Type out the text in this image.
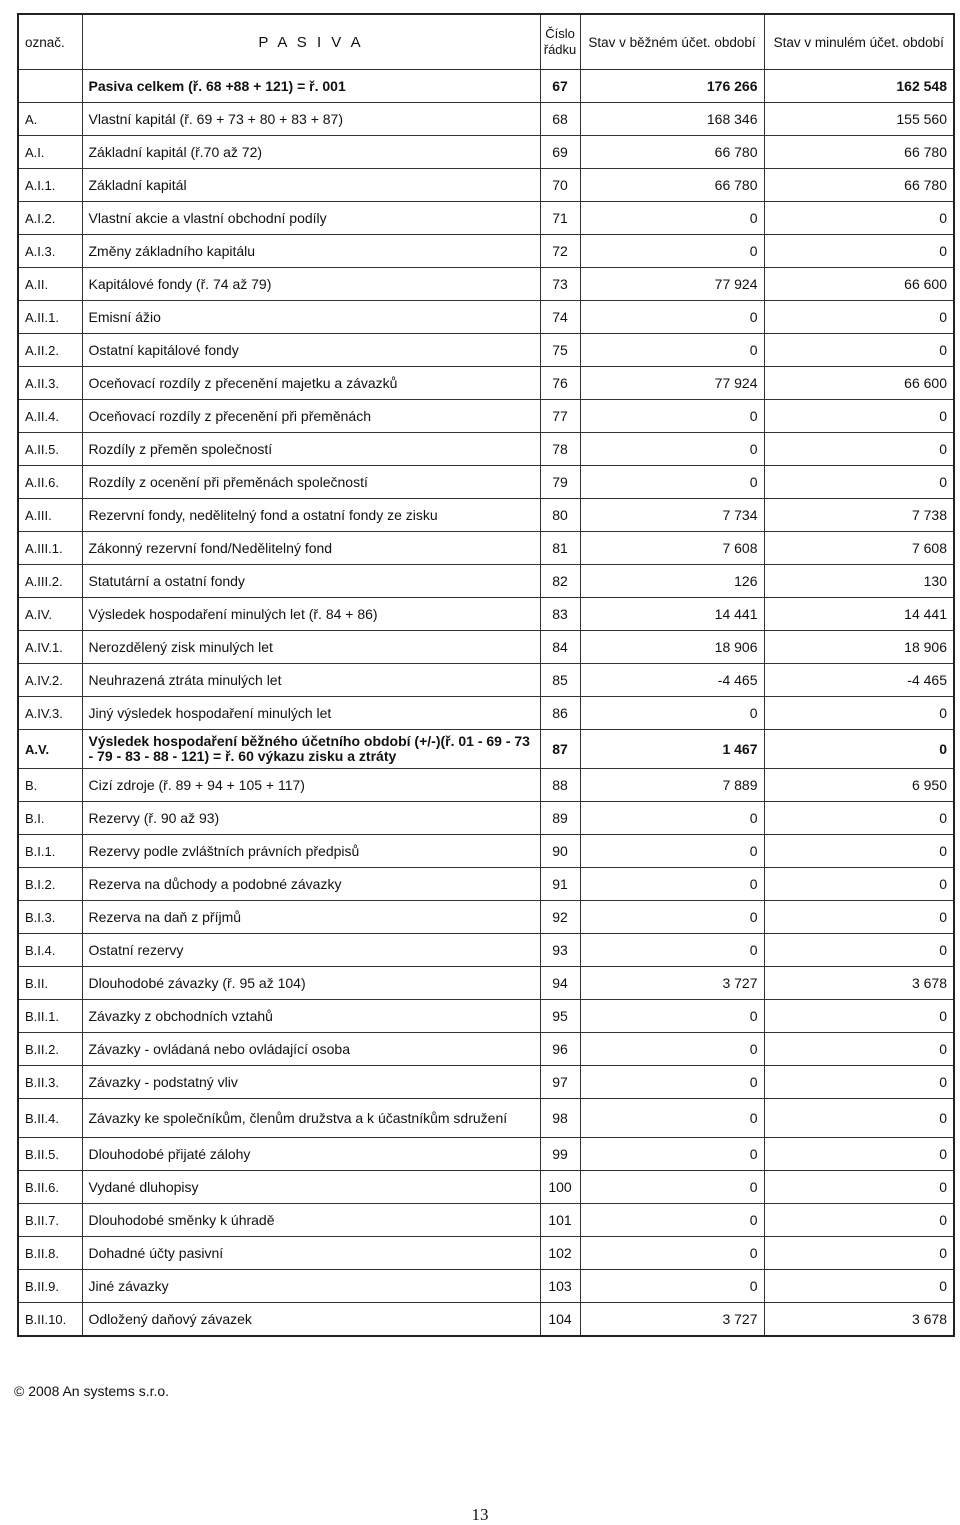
označ.	P A S I V A	Číslo řádku	Stav v běžném účet. období	Stav v minulém účet. období
	Pasiva celkem (ř. 68 +88 + 121) = ř. 001	67	176 266	162 548
A.	Vlastní kapitál (ř. 69 + 73 + 80 + 83 + 87)	68	168 346	155 560
A.I.	Základní kapitál (ř.70 až 72)	69	66 780	66 780
A.I.1.	Základní kapitál	70	66 780	66 780
A.I.2.	Vlastní akcie a vlastní obchodní podíly	71	0	0
A.I.3.	Změny základního kapitálu	72	0	0
A.II.	Kapitálové fondy (ř. 74 až 79)	73	77 924	66 600
A.II.1.	Emisní ážio	74	0	0
A.II.2.	Ostatní kapitálové fondy	75	0	0
A.II.3.	Oceňovací rozdíly z přecenění majetku a závazků	76	77 924	66 600
A.II.4.	Oceňovací rozdíly z přecenění při přeměnách	77	0	0
A.II.5.	Rozdíly z přeměn společností	78	0	0
A.II.6.	Rozdíly z ocenění při přeměnách společností	79	0	0
A.III.	Rezervní fondy, nedělitelný fond a ostatní fondy ze zisku	80	7 734	7 738
A.III.1.	Zákonný rezervní fond/Nedělitelný fond	81	7 608	7 608
A.III.2.	Statutární a ostatní fondy	82	126	130
A.IV.	Výsledek hospodaření minulých let (ř. 84 + 86)	83	14 441	14 441
A.IV.1.	Nerozdělený zisk minulých let	84	18 906	18 906
A.IV.2.	Neuhrazená ztráta minulých let	85	-4 465	-4 465
A.IV.3.	Jiný výsledek hospodaření minulých let	86	0	0
A.V.	Výsledek hospodaření běžného účetního období (+/-)(ř. 01 - 69 - 73 - 79 - 83 - 88 - 121) = ř. 60 výkazu zisku a ztráty	87	1 467	0
B.	Cizí zdroje (ř. 89 + 94 + 105 + 117)	88	7 889	6 950
B.I.	Rezervy (ř. 90 až 93)	89	0	0
B.I.1.	Rezervy podle zvláštních právních předpisů	90	0	0
B.I.2.	Rezerva na důchody a podobné závazky	91	0	0
B.I.3.	Rezerva na daň z příjmů	92	0	0
B.I.4.	Ostatní rezervy	93	0	0
B.II.	Dlouhodobé závazky (ř. 95 až 104)	94	3 727	3 678
B.II.1.	Závazky z obchodních vztahů	95	0	0
B.II.2.	Závazky - ovládaná nebo ovládající osoba	96	0	0
B.II.3.	Závazky - podstatný vliv	97	0	0
B.II.4.	Závazky ke společníkům, členům družstva a k účastníkům sdružení	98	0	0
B.II.5.	Dlouhodobé přijaté zálohy	99	0	0
B.II.6.	Vydané dluhopisy	100	0	0
B.II.7.	Dlouhodobé směnky k úhradě	101	0	0
B.II.8.	Dohadné účty pasivní	102	0	0
B.II.9.	Jiné závazky	103	0	0
B.II.10.	Odložený daňový závazek	104	3 727	3 678
© 2008 An systems s.r.o.
13
